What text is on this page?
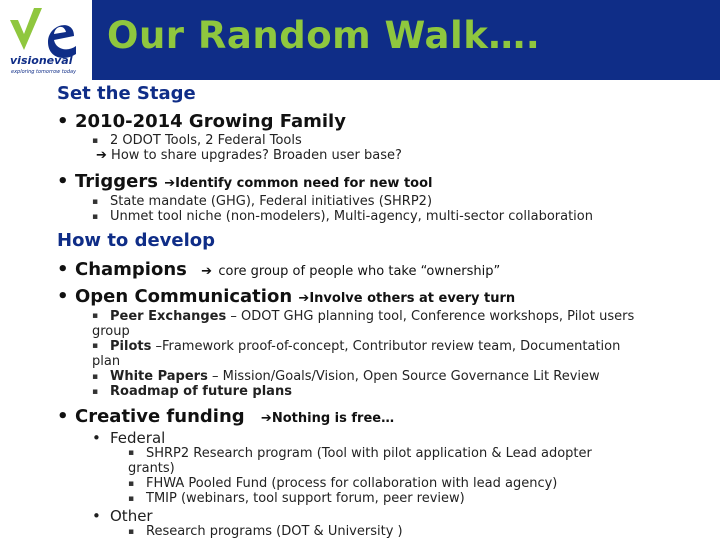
visioneval
exploring tomorrow today
Our Random Walk….
Set the Stage
• 2010-2014 Growing Family
▪ 2 ODOT Tools, 2 Federal Tools
➔ How to share upgrades? Broaden user base?
• Triggers ➔Identify common need for new tool
▪ State mandate (GHG), Federal initiatives (SHRP2)
▪ Unmet tool niche (non-modelers), Multi-agency, multi-sector collaboration
How to develop
• Champions ➔ core group of people who take “ownership”
• Open Communication ➔Involve others at every turn
▪ Peer Exchanges – ODOT GHG planning tool, Conference workshops, Pilot users group
▪ Pilots –Framework proof-of-concept, Contributor review team, Documentation plan
▪ White Papers – Mission/Goals/Vision, Open Source Governance Lit Review
▪ Roadmap of future plans
• Creative funding ➔Nothing is free…
• Federal
▪ SHRP2 Research program (Tool with pilot application & Lead adopter grants)
▪ FHWA Pooled Fund (process for collaboration with lead agency)
▪ TMIP (webinars, tool support forum, peer review)
• Other
▪ Research programs (DOT & University )
